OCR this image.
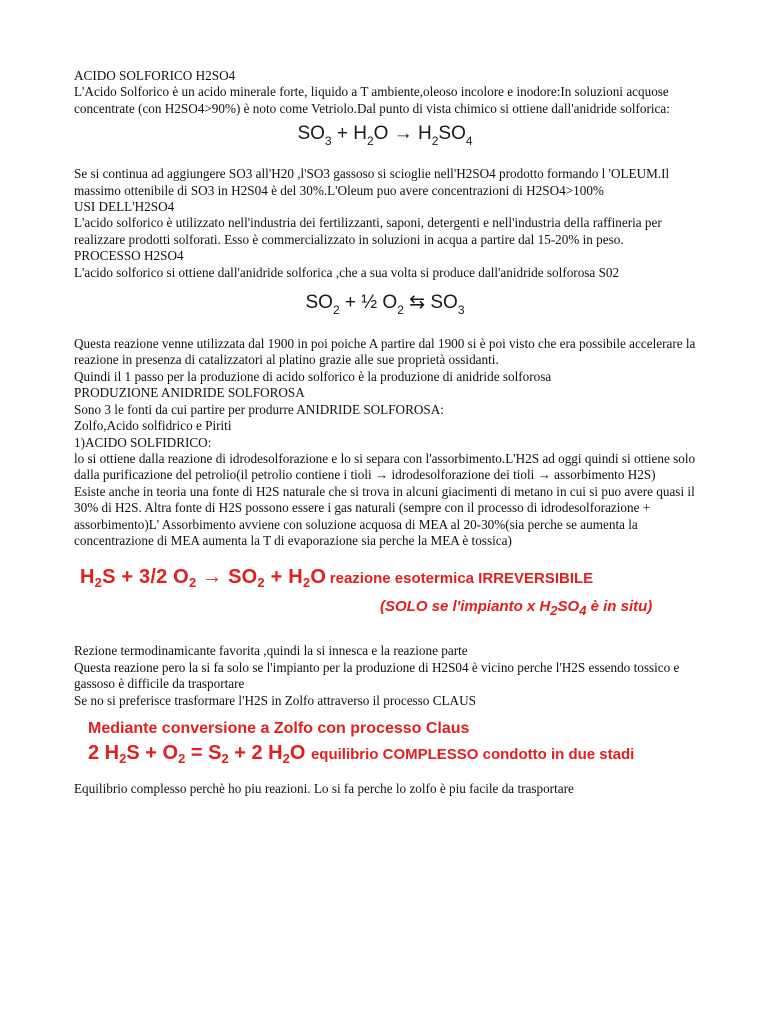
ACIDO SOLFORICO H2SO4

L'Acido Solforico è un acido minerale forte, liquido a T ambiente,oleoso incolore e inodore:In soluzioni acquose concentrate (con H2SO4>90%) è noto come Vetriolo.Dal punto di vista chimico si ottiene dall'anidride solforica:

$SO_3 + H_2O \to H_2SO_4$

Se si continua ad aggiungere SO3 all'H20 ,l'SO3 gassoso si scioglie nell'H2SO4 prodotto formando l 'OLEUM.Il massimo ottenibile di SO3 in H2S04 è del 30%.L'Oleum puo avere concentrazioni di H2SO4>100%

USI DELL'H2SO4

L'acido solforico è utilizzato nell'industria dei fertilizzanti, saponi, detergenti e nell'industria della raffineria per realizzare prodotti solforati. Esso è commercializzato in soluzioni in acqua a partire dal 15-20% in peso.

PROCESSO H2SO4

L'acido solforico si ottiene dall'anidride solforica ,che a sua volta si produce dall'anidride solforosa S02

$SO_2$ + ½ $O_2$ ⇆ $SO_3$

Questa reazione venne utilizzata dal 1900 in poi poiche A partire dal 1900 si è poi visto che era possibile accelerare la reazione in presenza di catalizzatori al platino grazie alle sue proprietà ossidanti.

Quindi il 1 passo per la produzione di acido solforico è la produzione di anidride solforosa

PRODUZIONE ANIDRIDE SOLFOROSA

Sono 3 le fonti da cui partire per produrre ANIDRIDE SOLFOROSA:

Zolfo,Acido solfidrico e Piriti

1)ACIDO SOLFIDRICO:

lo si ottiene dalla reazione di idrodesolforazione e lo si separa con l'assorbimento.L'H2S ad oggi quindi si ottiene solo dalla purificazione del petrolio(il petrolio contiene i tioli → idrodesolforazione dei tioli → assorbimento H2S)

Esiste anche in teoria una fonte di H2S naturale che si trova in alcuni giacimenti di metano in cui si puo avere quasi il 30% di H2S. Altra fonte di H2S possono essere i gas naturali (sempre con il processo di idrodesolforazione + assorbimento)L' Assorbimento avviene con soluzione acquosa di MEA al 20-30%(sia perche se aumenta la concentrazione di MEA aumenta la T di evaporazione sia perche la MEA è tossica)

$H_2S + 3/2$ $O_2 \to SO_2 + H_2O$ reazione esotermica IRREVERSIBILE
(SOLO se l'impianto x $H_2SO_4$ è in situ)

Rezione termodinamicante favorita ,quindi la si innesca e la reazione parte

Questa reazione pero la si fa solo se l'impianto per la produzione di H2S04 è vicino perche l'H2S essendo tossico e gassoso è difficile da trasportare

Se no si preferisce trasformare l'H2S in Zolfo attraverso il processo CLAUS

Mediante conversione a Zolfo con processo Claus
2 $H_2S + O_2 = S_2 + 2$ $H_2O$ equilibrio COMPLESSO condotto in due stadi

Equilibrio complesso perchè ho piu reazioni. Lo si fa perche lo zolfo è piu facile da trasportare
